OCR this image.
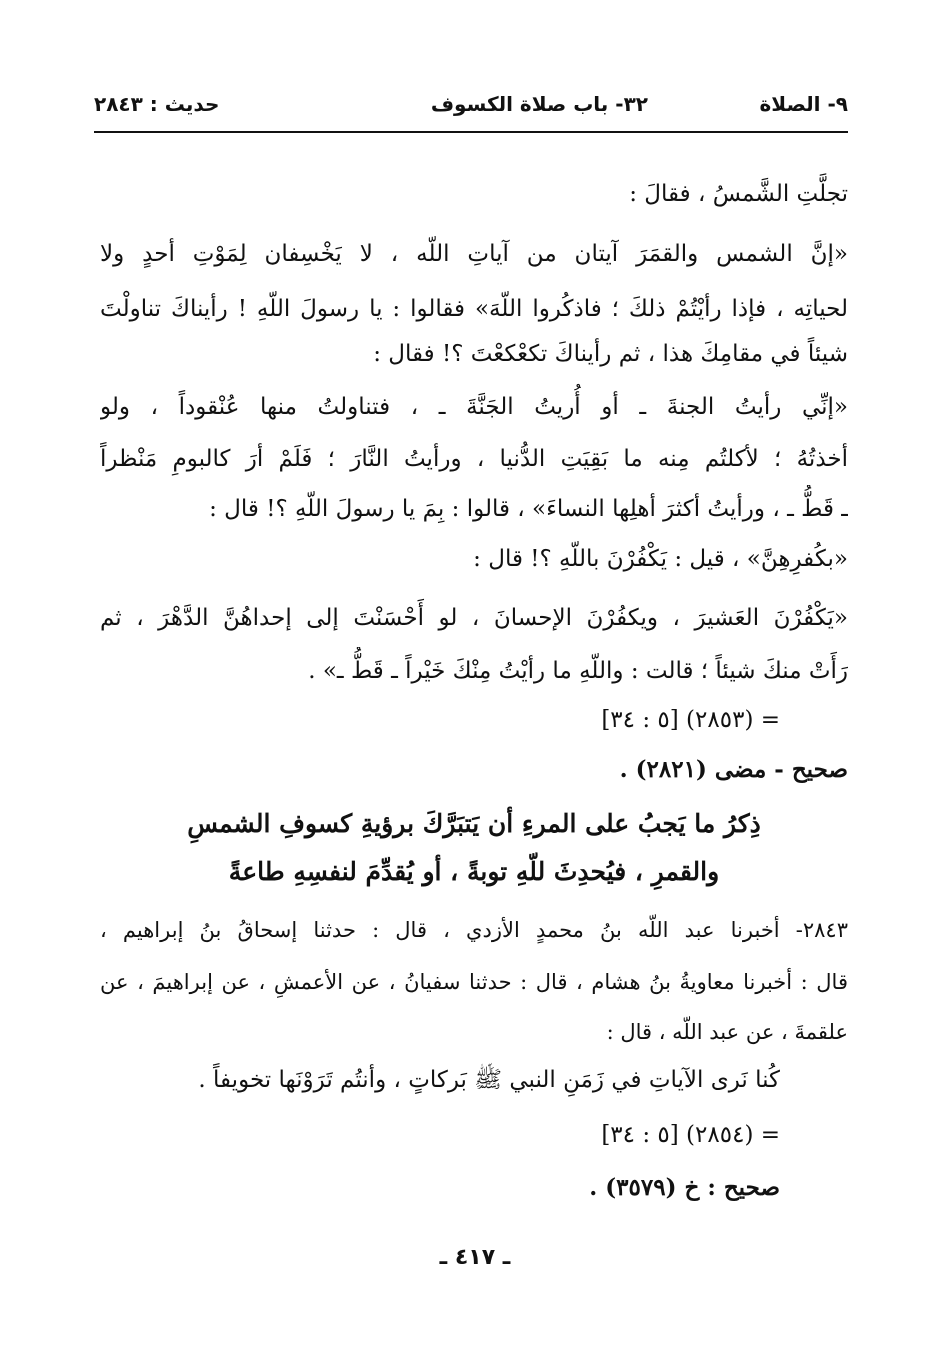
٩- الصلاة
٣٢- باب صلاة الكسوف
حديث : ٢٨٤٣
تجلَّتِ الشَّمسُ ، فقالَ :
«إنَّ الشمس والقمَرَ آيتان من آياتِ اللّه ، لا يَخْسِفان لِمَوْتِ أحدٍ ولا
لحياتِه ، فإذا رأيْتُمْ ذلكَ ؛ فاذكُروا اللّهَ» فقالوا : يا رسولَ اللّهِ ! رأيناكَ تناولْتَ
شيئاً في مقامِكَ هذا ، ثم رأيناكَ تكعْكعْتَ ؟! فقال :
«إنِّي رأيتُ الجنةَ ـ أو أُريتُ الجَنَّةَ ـ ، فتناولتُ منها عُنْقوداً ، ولو
أخذتُهُ ؛ لأكلتُم مِنه ما بَقِيَتِ الدُّنيا ، ورأيتُ النَّارَ ؛ فَلَمْ أرَ كالبومِ مَنْظراً
ـ قَطُّ ـ ، ورأيتُ أكثرَ أهلِها النساءَ» ، قالوا : بِمَ يا رسولَ اللّهِ ؟! قال :
«بكُفرِهِنَّ» ، قيل : يَكْفُرْنَ باللّهِ ؟! قال :
«يَكْفُرْنَ العَشيرَ ، ويكفُرْنَ الإحسانَ ، لو أَحْسَنْتَ إلى إحداهُنَّ الدَّهْرَ ، ثم
رَأَتْ منكَ شيئاً ؛ قالت : واللّهِ ما رأيْتُ مِنْكَ خَيْراً ـ قَطُّ ـ» .
= (٢٨٥٣) [٥ : ٣٤]
صحيح - مضى (٢٨٢١) .
ذِكرُ ما يَجبُ على المرءِ أن يَتبَرَّكَ برؤيةِ كسوفِ الشمسِ
والقمرِ ، فيُحدِثَ للّهِ توبةً ، أو يُقدِّمَ لنفسِهِ طاعةً
٢٨٤٣- أخبرنا عبد اللّه بنُ محمدٍ الأزدي ، قال : حدثنا إسحاقُ بنُ إبراهيم ،
قال : أخبرنا معاويةُ بنُ هشام ، قال : حدثنا سفيانُ ، عن الأعمشِ ، عن إبراهيمَ ، عن
علقمةَ ، عن عبد اللّه ، قال :
كُنا نَرى الآياتِ في زَمَنِ النبي ﷺ بَركاتٍ ، وأنتُم تَرَوْنَها تخويفاً .
= (٢٨٥٤) [٥ : ٣٤]
صحيح : خ (٣٥٧٩) .
ـ ٤١٧ ـ
